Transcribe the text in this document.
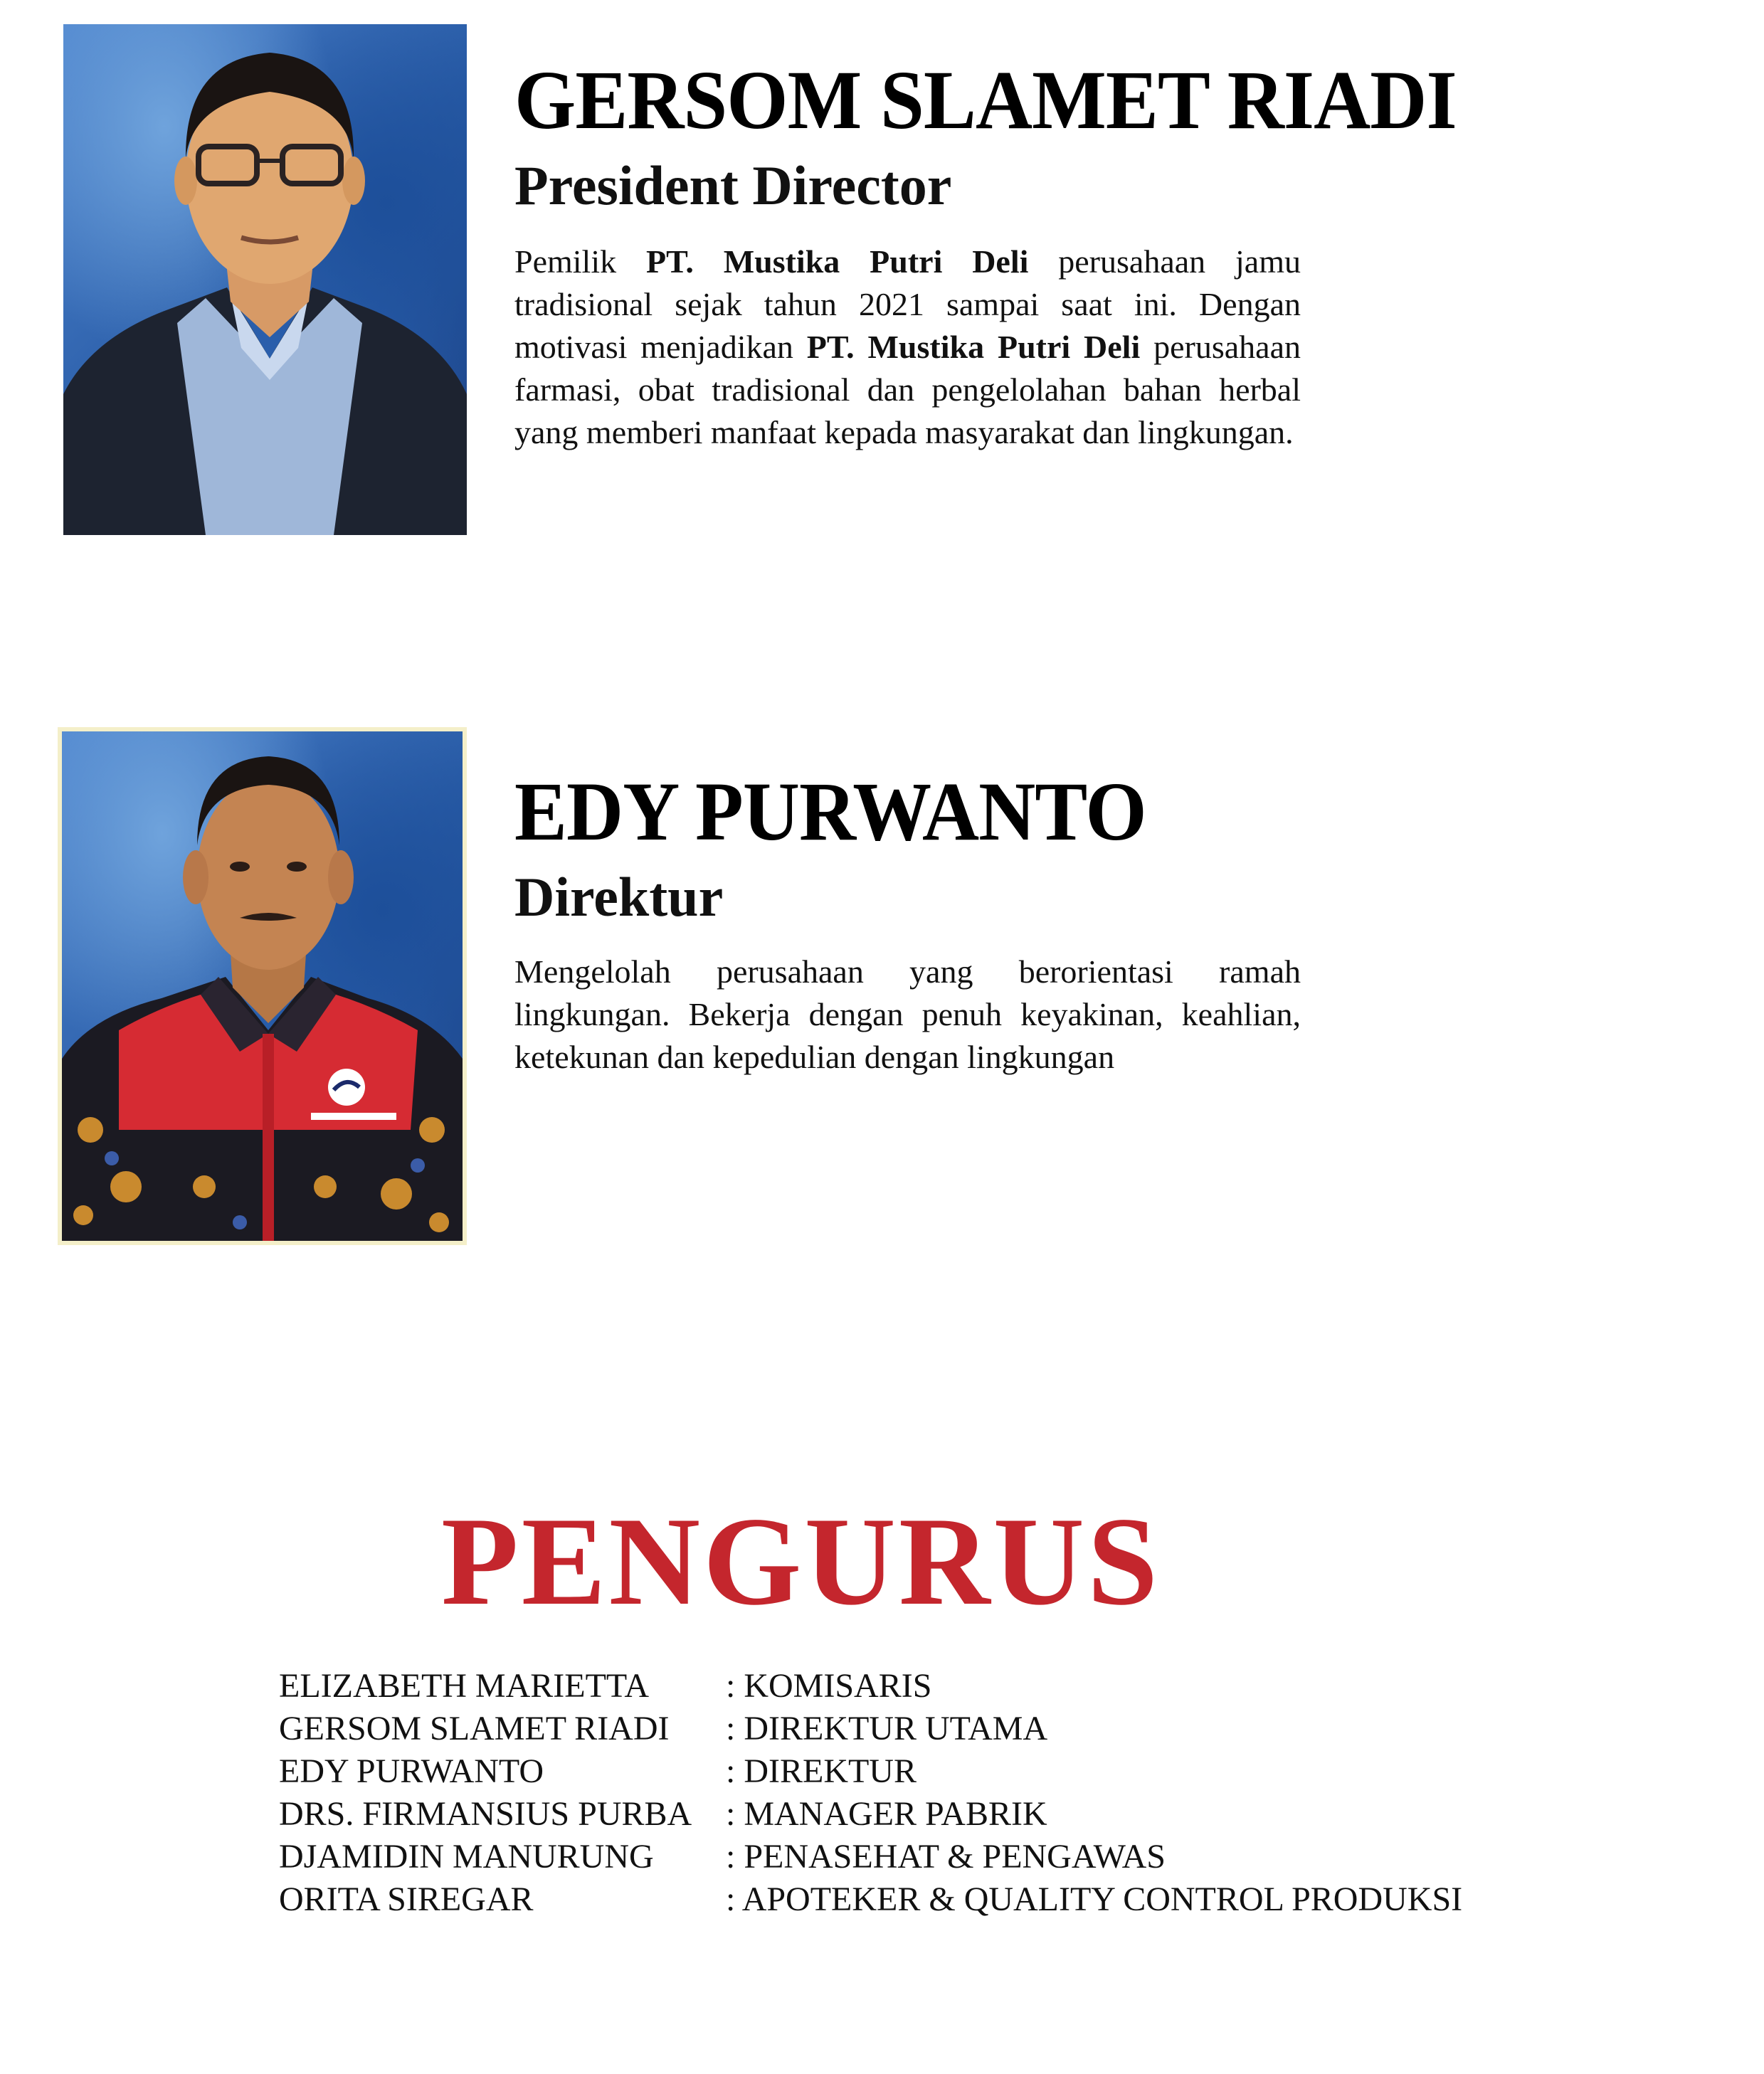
GERSOM SLAMET RIADI
President Director

Pemilik PT. Mustika Putri Deli perusahaan jamu tradisional sejak tahun 2021 sampai saat ini. Dengan motivasi menjadikan PT. Mustika Putri Deli perusahaan farmasi, obat tradisional dan pengelolahan bahan herbal yang memberi manfaat kepada masyarakat dan lingkungan.

EDY PURWANTO
Direktur

Mengelolah perusahaan yang berorientasi ramah lingkungan. Bekerja dengan penuh keyakinan, keahlian, ketekunan dan kepedulian dengan lingkungan

PENGURUS
ELIZABETH MARIETTA	: KOMISARIS
GERSOM SLAMET RIADI	: DIREKTUR UTAMA
EDY PURWANTO	: DIREKTUR
DRS. FIRMANSIUS PURBA	: MANAGER PABRIK
DJAMIDIN MANURUNG	: PENASEHAT & PENGAWAS
ORITA SIREGAR	: APOTEKER & QUALITY CONTROL PRODUKSI
